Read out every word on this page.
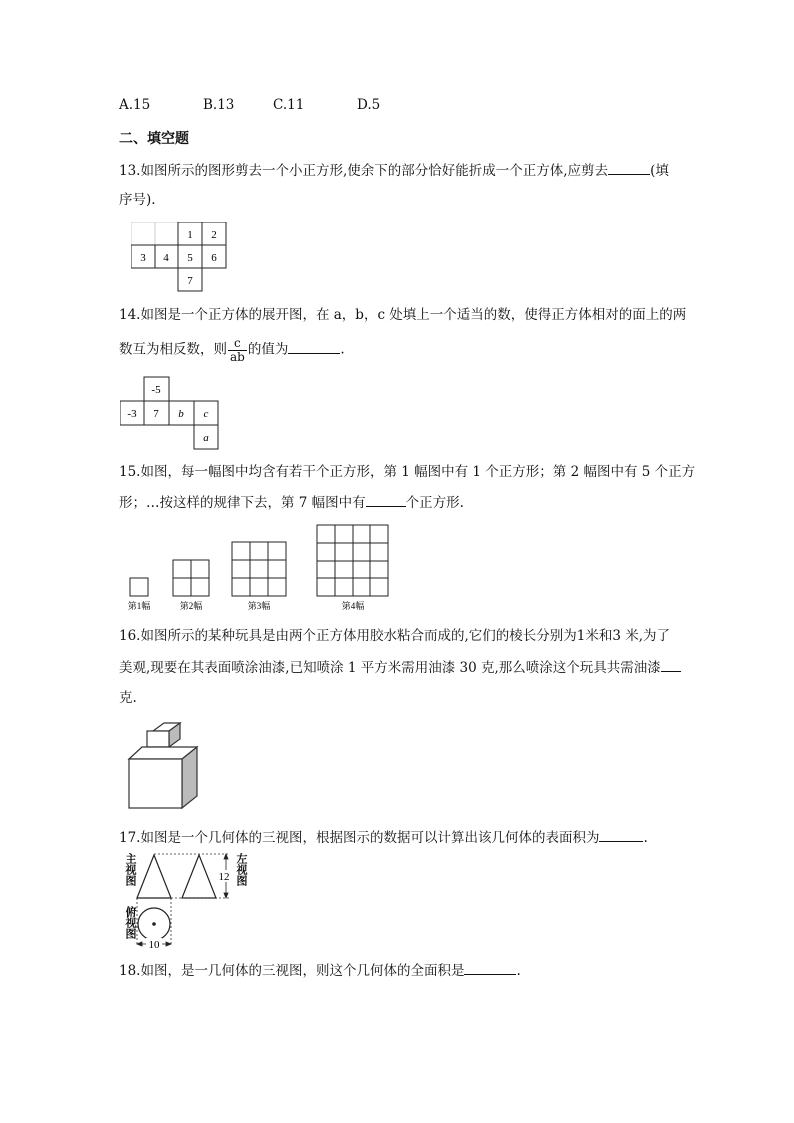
A.15	B.13	C.11	D.5
二、填空题
13.如图所示的图形剪去一个小正方形,使余下的部分恰好能折成一个正方体,应剪去	(填
序号).
1 2
3 4 5 6
7
14.如图是一个正方体的展开图，在 a，b，c 处填上一个适当的数，使得正方体相对的面上的两
数互为相反数，则 $\frac{c}{ab}$ 的值为	.
-5
-3 7 b c
a
15.如图，每一幅图中均含有若干个正方形，第 1 幅图中有 1 个正方形；第 2 幅图中有 5 个正方
形；…按这样的规律下去，第 7 幅图中有	个正方形.
第1幅	第2幅	第3幅	第4幅
16.如图所示的某种玩具是由两个正方体用胶水粘合而成的,它们的棱长分别为1米和3 米,为了
美观,现要在其表面喷涂油漆,已知喷涂 1 平方米需用油漆 30 克,那么喷涂这个玩具共需油漆
克.
17.如图是一个几何体的三视图，根据图示的数据可以计算出该几何体的表面积为	.
主视图	左视图
俯视图
12
10
18.如图，是一几何体的三视图，则这个几何体的全面积是	.
